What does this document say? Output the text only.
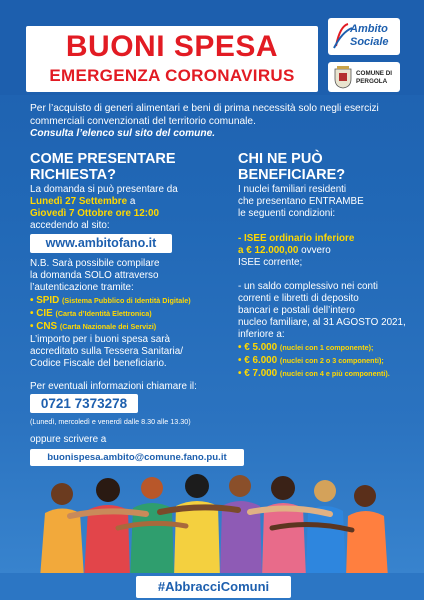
BUONI SPESA
EMERGENZA CORONAVIRUS
Ambito
Sociale
COMUNE DI
PERGOLA
Per l’acquisto di generi alimentari e beni di prima necessità solo negli esercizi commerciali convenzionati del territorio comunale.
Consulta l’elenco sul sito del comune.
COME PRESENTARE
RICHIESTA?
La domanda si può presentare da
Lunedì 27 Settembre a
Giovedì 7 Ottobre ore 12:00
accedendo al sito:
www.ambitofano.it
N.B. Sarà possibile compilare
la domanda SOLO attraverso
l’autenticazione tramite:
• SPID (Sistema Pubblico di Identità Digitale)
• CIE (Carta d’Identità Elettronica)
• CNS (Carta Nazionale dei Servizi)
L’importo per i buoni spesa sarà
accreditato sulla Tessera Sanitaria/
Codice Fiscale del beneficiario.
Per eventuali informazioni chiamare il:
0721 7373278
(Lunedì, mercoledì e venerdì dalle 8.30 alle 13.30)
oppure scrivere a
buonispesa.ambito@comune.fano.pu.it
CHI NE PUÒ
BENEFICIARE?
I nuclei familiari residenti
che presentano ENTRAMBE
le seguenti condizioni:
- ISEE ordinario inferiore
a € 12.000,00 ovvero
ISEE corrente;
- un saldo complessivo nei conti
correnti e libretti di deposito
bancari e postali dell’intero
nucleo familiare, al 31 AGOSTO 2021,
inferiore a:
• € 5.000 (nuclei con 1 componente);
• € 6.000 (nuclei con 2 o 3 componenti);
• € 7.000 (nuclei con 4 e più componenti).
#AbbracciComuni
